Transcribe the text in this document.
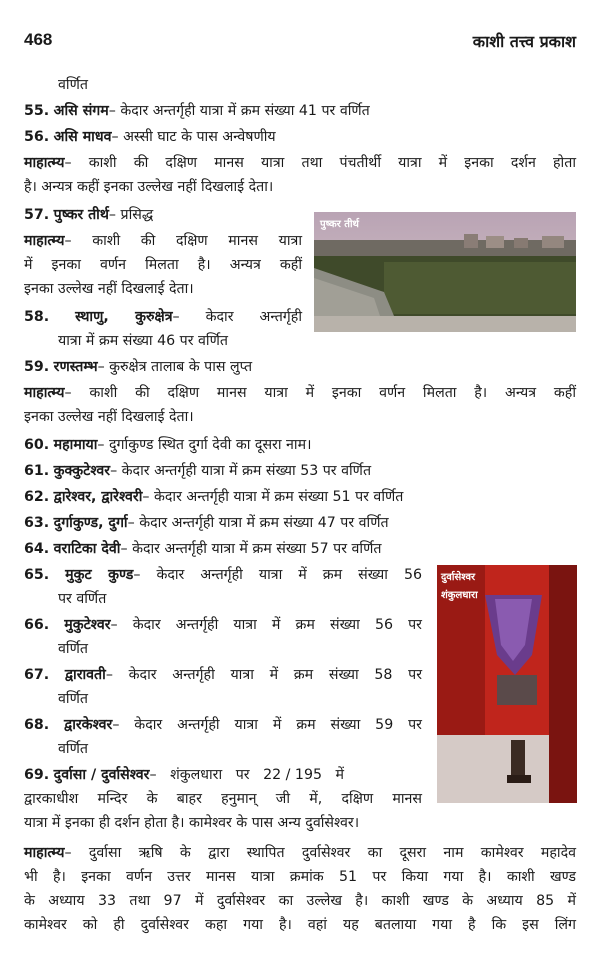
468	काशी तत्त्व प्रकाश
पुष्कर तीर्थ
दुर्वासेश्वर
शंकुलधारा
वर्णित
55. असि संगम– केदार अन्तर्गृही यात्रा में क्रम संख्या 41 पर वर्णित
56. असि माधव– अस्सी घाट के पास अन्वेषणीय
माहात्म्य– काशी की दक्षिण मानस यात्रा तथा पंचतीर्थी यात्रा में इनका दर्शन होता
है। अन्यत्र कहीं इनका उल्लेख नहीं दिखलाई देता।
57. पुष्कर तीर्थ– प्रसिद्ध
माहात्म्य– काशी की दक्षिण मानस यात्रा
में इनका वर्णन मिलता है। अन्यत्र कहीं
इनका उल्लेख नहीं दिखलाई देता।
58. स्थाणु, कुरुक्षेत्र– केदार अन्तर्गृही
यात्रा में क्रम संख्या 46 पर वर्णित
59. रणस्तम्भ– कुरुक्षेत्र तालाब के पास लुप्त
माहात्म्य– काशी की दक्षिण मानस यात्रा में इनका वर्णन मिलता है। अन्यत्र कहीं
इनका उल्लेख नहीं दिखलाई देता।
60. महामाया– दुर्गाकुण्ड स्थित दुर्गा देवी का दूसरा नाम।
61. कुक्कुटेश्वर– केदार अन्तर्गृही यात्रा में क्रम संख्या 53 पर वर्णित
62. द्वारेश्वर, द्वारेश्वरी– केदार अन्तर्गृही यात्रा में क्रम संख्या 51 पर वर्णित
63. दुर्गाकुण्ड, दुर्गा– केदार अन्तर्गृही यात्रा में क्रम संख्या 47 पर वर्णित
64. वराटिका देवी– केदार अन्तर्गृही यात्रा में क्रम संख्या 57 पर वर्णित
65. मुकुट कुण्ड– केदार अन्तर्गृही यात्रा में क्रम संख्या 56
पर वर्णित
66. मुकुटेश्वर– केदार अन्तर्गृही यात्रा में क्रम संख्या 56 पर
वर्णित
67. द्वारावती– केदार अन्तर्गृही यात्रा में क्रम संख्या 58 पर
वर्णित
68. द्वारकेश्वर– केदार अन्तर्गृही यात्रा में क्रम संख्या 59 पर
वर्णित
69. दुर्वासा / दुर्वासेश्वर–   शंकुलधारा   पर   22 / 195   में
द्वारकाधीश मन्दिर के बाहर हनुमान् जी में, दक्षिण मानस
यात्रा में इनका ही दर्शन होता है। कामेश्वर के पास अन्य दुर्वासेश्वर।
माहात्म्य– दुर्वासा ऋषि के द्वारा स्थापित दुर्वासेश्वर का दूसरा नाम कामेश्वर महादेव
भी है। इनका वर्णन उत्तर मानस यात्रा क्रमांक 51 पर किया गया है। काशी खण्ड
के अध्याय 33 तथा 97 में दुर्वासेश्वर का उल्लेख है। काशी खण्ड के अध्याय 85 में
कामेश्वर को ही दुर्वासेश्वर कहा गया है। वहां यह बतलाया गया है कि इस लिंग
